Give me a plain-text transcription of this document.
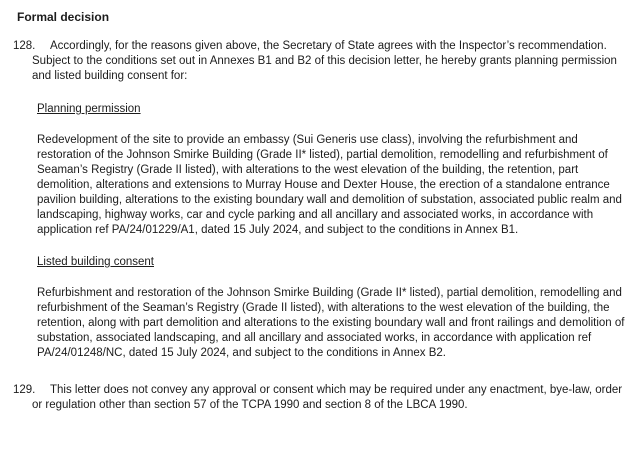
Formal decision
128. Accordingly, for the reasons given above, the Secretary of State agrees with the Inspector’s recommendation. Subject to the conditions set out in Annexes B1 and B2 of this decision letter, he hereby grants planning permission and listed building consent for:
Planning permission
Redevelopment of the site to provide an embassy (Sui Generis use class), involving the refurbishment and restoration of the Johnson Smirke Building (Grade II* listed), partial demolition, remodelling and refurbishment of Seaman’s Registry (Grade II listed), with alterations to the west elevation of the building, the retention, part demolition, alterations and extensions to Murray House and Dexter House, the erection of a standalone entrance pavilion building, alterations to the existing boundary wall and demolition of substation, associated public realm and landscaping, highway works, car and cycle parking and all ancillary and associated works, in accordance with application ref PA/24/01229/A1, dated 15 July 2024, and subject to the conditions in Annex B1.
Listed building consent
Refurbishment and restoration of the Johnson Smirke Building (Grade II* listed), partial demolition, remodelling and refurbishment of the Seaman’s Registry (Grade II listed), with alterations to the west elevation of the building, the retention, along with part demolition and alterations to the existing boundary wall and front railings and demolition of substation, associated landscaping, and all ancillary and associated works, in accordance with application ref PA/24/01248/NC, dated 15 July 2024, and subject to the conditions in Annex B2.
129. This letter does not convey any approval or consent which may be required under any enactment, bye-law, order or regulation other than section 57 of the TCPA 1990 and section 8 of the LBCA 1990.
